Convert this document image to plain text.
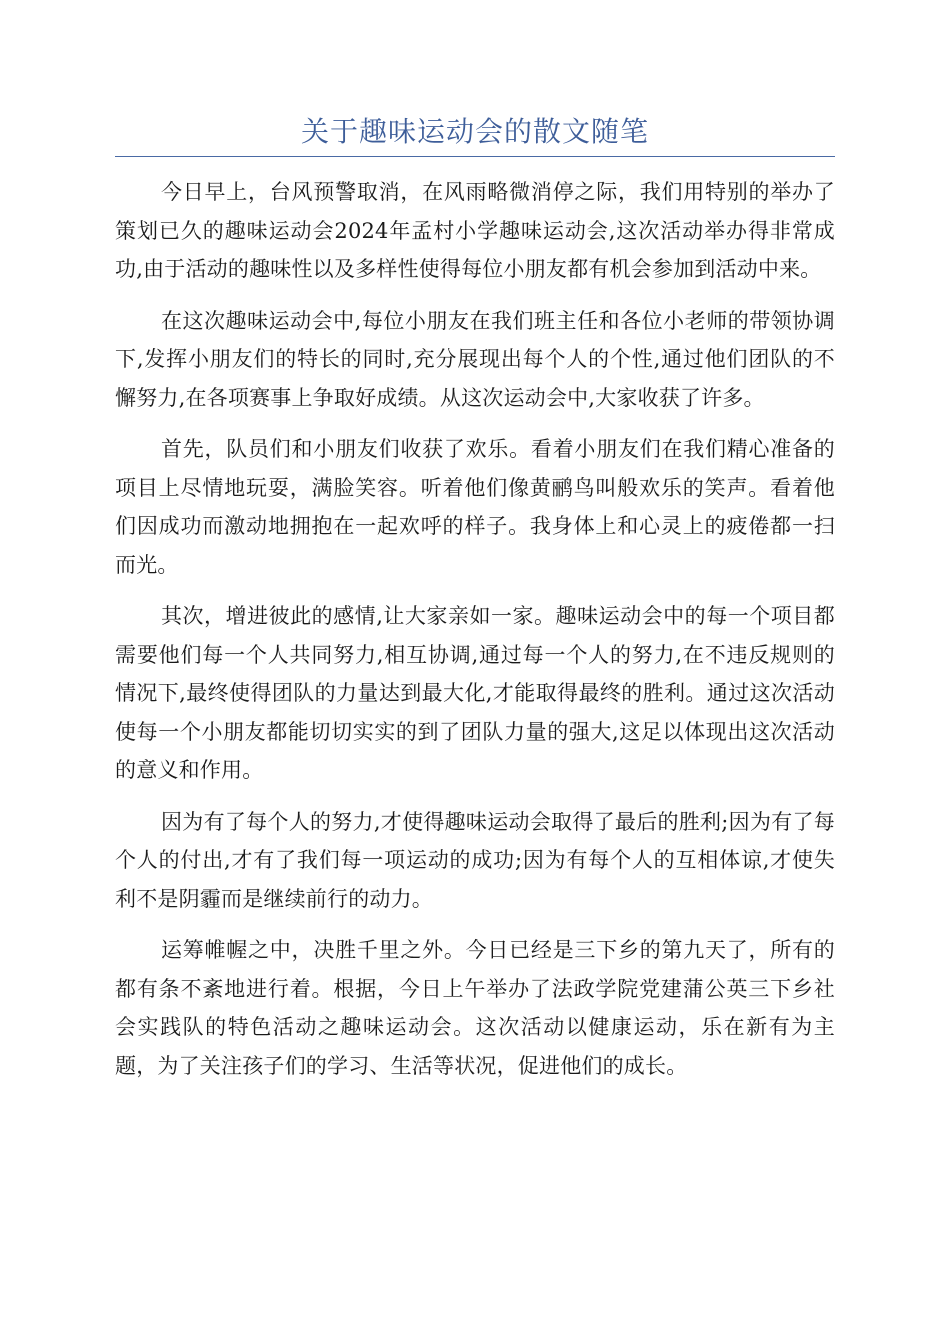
关于趣味运动会的散文随笔

今日早上，台风预警取消，在风雨略微消停之际，我们用特别的举办了策划已久的趣味运动会2024年孟村小学趣味运动会,这次活动举办得非常成功,由于活动的趣味性以及多样性使得每位小朋友都有机会参加到活动中来。

在这次趣味运动会中,每位小朋友在我们班主任和各位小老师的带领协调下,发挥小朋友们的特长的同时,充分展现出每个人的个性,通过他们团队的不懈努力,在各项赛事上争取好成绩。从这次运动会中,大家收获了许多。

首先，队员们和小朋友们收获了欢乐。看着小朋友们在我们精心准备的项目上尽情地玩耍，满脸笑容。听着他们像黄鹂鸟叫般欢乐的笑声。看着他们因成功而激动地拥抱在一起欢呼的样子。我身体上和心灵上的疲倦都一扫而光。

其次，增进彼此的感情,让大家亲如一家。趣味运动会中的每一个项目都需要他们每一个人共同努力,相互协调,通过每一个人的努力,在不违反规则的情况下,最终使得团队的力量达到最大化,才能取得最终的胜利。通过这次活动使每一个小朋友都能切切实实的到了团队力量的强大,这足以体现出这次活动的意义和作用。

因为有了每个人的努力,才使得趣味运动会取得了最后的胜利;因为有了每个人的付出,才有了我们每一项运动的成功;因为有每个人的互相体谅,才使失利不是阴霾而是继续前行的动力。

运筹帷幄之中，决胜千里之外。今日已经是三下乡的第九天了，所有的都有条不紊地进行着。根据，今日上午举办了法政学院党建蒲公英三下乡社会实践队的特色活动之趣味运动会。这次活动以健康运动，乐在新有为主题，为了关注孩子们的学习、生活等状况，促进他们的成长。
